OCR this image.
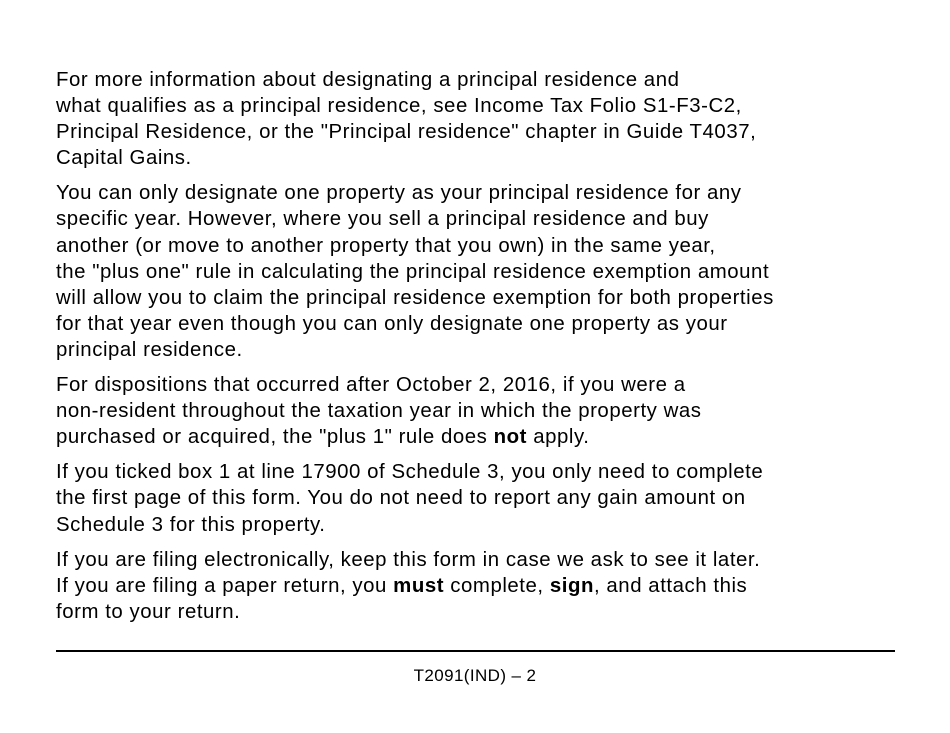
For more information about designating a principal residence and
what qualifies as a principal residence, see Income Tax Folio S1-F3-C2,
Principal Residence, or the "Principal residence" chapter in Guide T4037,
Capital Gains.

You can only designate one property as your principal residence for any
specific year. However, where you sell a principal residence and buy
another (or move to another property that you own) in the same year,
the "plus one" rule in calculating the principal residence exemption amount
will allow you to claim the principal residence exemption for both properties
for that year even though you can only designate one property as your
principal residence.

For dispositions that occurred after October 2, 2016, if you were a
non-resident throughout the taxation year in which the property was
purchased or acquired, the "plus 1" rule does not apply.

If you ticked box 1 at line 17900 of Schedule 3, you only need to complete
the first page of this form. You do not need to report any gain amount on
Schedule 3 for this property.

If you are filing electronically, keep this form in case we ask to see it later.
If you are filing a paper return, you must complete, sign, and attach this
form to your return.

T2091(IND) – 2
